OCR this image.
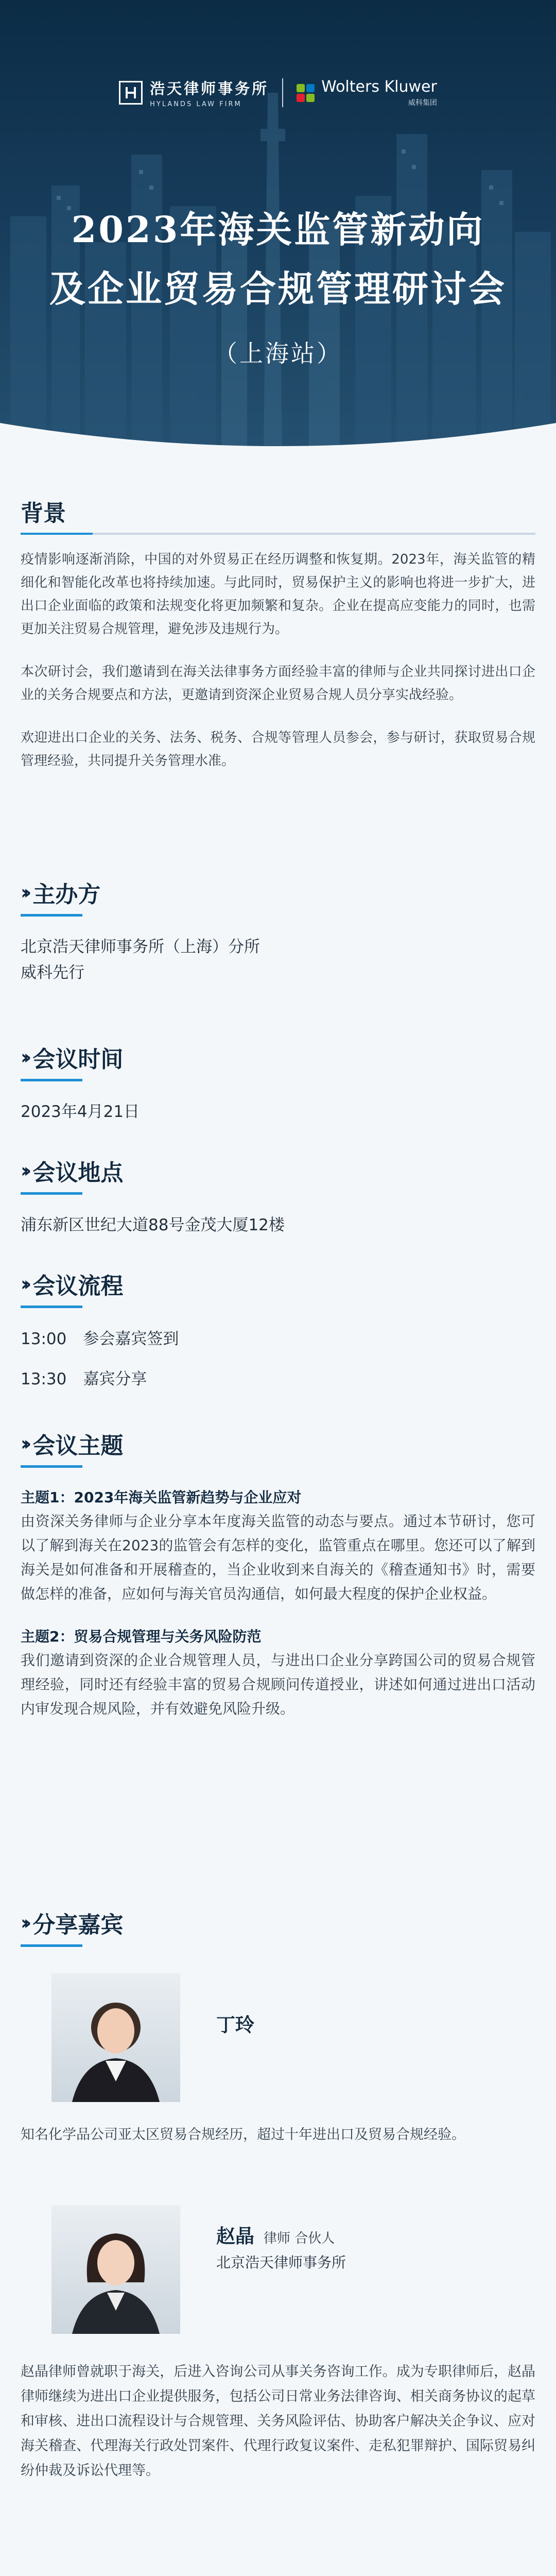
浩天律师事务所
HYLANDS LAW FIRM
Wolters Kluwer
威科集团
2023年海关监管新动向
及企业贸易合规管理研讨会
（上海站）
背景

疫情影响逐渐消除，中国的对外贸易正在经历调整和恢复期。2023年，海关监管的精细化和智能化改革也将持续加速。与此同时，贸易保护主义的影响也将进一步扩大，进出口企业面临的政策和法规变化将更加频繁和复杂。企业在提高应变能力的同时，也需更加关注贸易合规管理，避免涉及违规行为。

本次研讨会，我们邀请到在海关法律事务方面经验丰富的律师与企业共同探讨进出口企业的关务合规要点和方法，更邀请到资深企业贸易合规人员分享实战经验。

欢迎进出口企业的关务、法务、税务、合规等管理人员参会，参与研讨，获取贸易合规管理经验，共同提升关务管理水准。

›› 主办方

北京浩天律师事务所（上海）分所

威科先行

›› 会议时间

2023年4月21日

›› 会议地点

浦东新区世纪大道88号金茂大厦12楼

›› 会议流程
13:00 参会嘉宾签到
13:30 嘉宾分享
›› 会议主题

主题1：2023年海关监管新趋势与企业应对

由资深关务律师与企业分享本年度海关监管的动态与要点。通过本节研讨，您可以了解到海关在2023的监管会有怎样的变化，监管重点在哪里。您还可以了解到海关是如何准备和开展稽查的，当企业收到来自海关的《稽查通知书》时，需要做怎样的准备，应如何与海关官员沟通信，如何最大程度的保护企业权益。

主题2：贸易合规管理与关务风险防范

我们邀请到资深的企业合规管理人员，与进出口企业分享跨国公司的贸易合规管理经验，同时还有经验丰富的贸易合规顾问传道授业，讲述如何通过进出口活动内审发现合规风险，并有效避免风险升级。

›› 分享嘉宾
丁玲

知名化学品公司亚太区贸易合规经历，超过十年进出口及贸易合规经验。

赵晶 律师 合伙人
北京浩天律师事务所

赵晶律师曾就职于海关，后进入咨询公司从事关务咨询工作。成为专职律师后，赵晶律师继续为进出口企业提供服务，包括公司日常业务法律咨询、相关商务协议的起草和审核、进出口流程设计与合规管理、关务风险评估、协助客户解决关企争议、应对海关稽查、代理海关行政处罚案件、代理行政复议案件、走私犯罪辩护、国际贸易纠纷仲裁及诉讼代理等。
